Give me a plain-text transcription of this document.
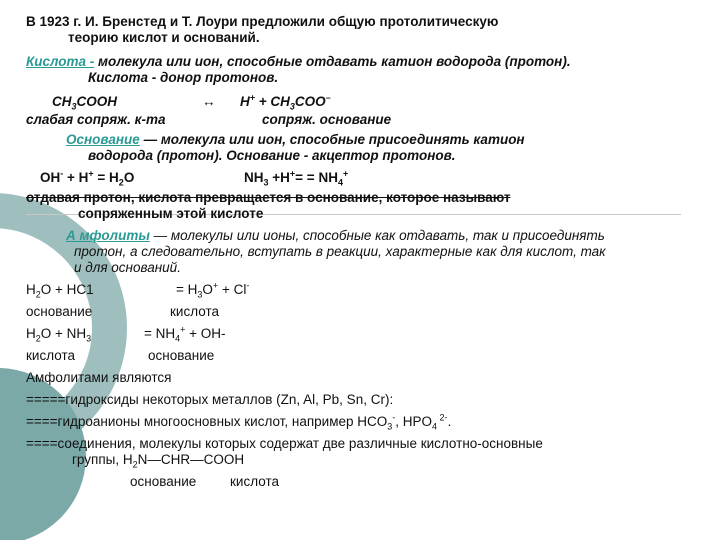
В 1923 г. И. Бренстед и Т. Лоури предложили общую протолитическую
теорию кислот и оснований.
Кислота - молекула или ион, способные отдавать катион водорода (протон).
Кислота - донор протонов.
$CH_3COOH$	↔ $H^+ + CH_3COO^-$
слабая сопряж. к-та	сопряж. основание
Основание — молекула или ион, способные присоединять катион
водорода (протон). Основание - акцептор протонов.
$OH^- + H^+ = H_2O$	$NH_3 +H^+= = NH_4^+$
отдавая протон, кислота превращается в основание, которое называют
сопряженным этой кислоте
А мфолиты — молекулы или ионы, способные как отдавать, так и присоединять
протон, а следовательно, вступать в реакции, характерные как для кислот, так
и для оснований.
$H_2O + HC1$	= $H_3O^+ + Cl^-$
основание	кислота
$H_2O + NH_3$	= $NH_4^+ + OH-$
кислота	основание
Амфолитами являются
=====гидроксиды некоторых металлов (Zn, Al, Pb, Sn, Cr):
====гидроанионы многоосновных кислот, например $HCO_3^-$, $HPO_4$ $^{2-}$.
====соединения, молекулы которых содержат две различные кислотно-основные
группы, $H_2N—CHR—COOH$
основание кислота
